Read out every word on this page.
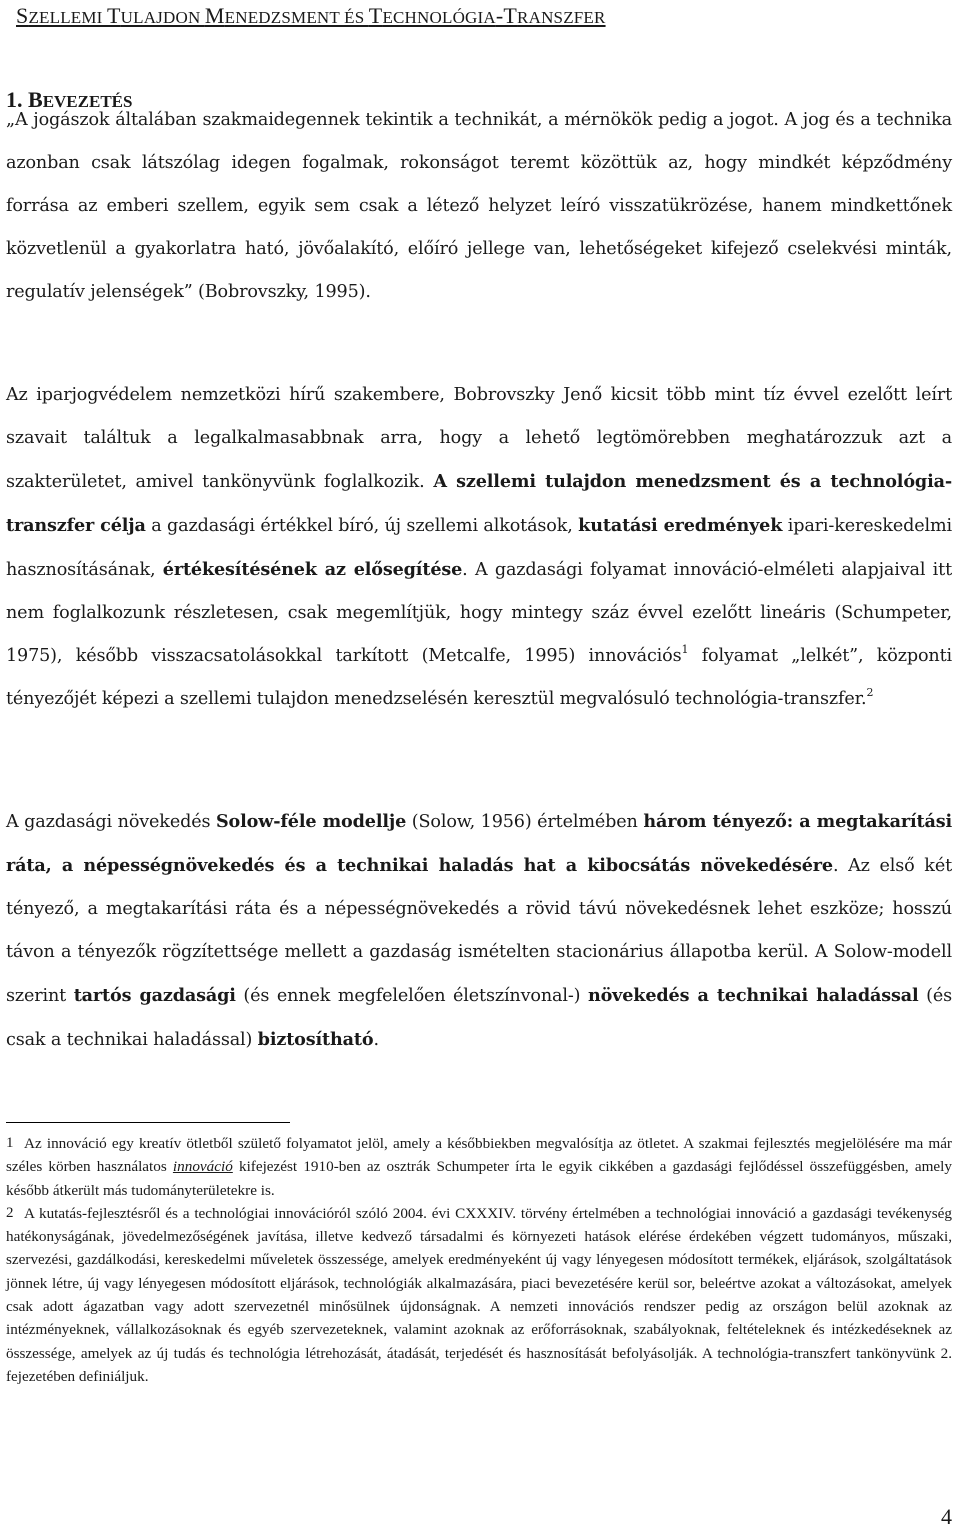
SZELLEMI TULAJDON MENEDZSMENT ÉS TECHNOLÓGIA-TRANSZFER
1. BEVEZETÉS

„A jogászok általában szakmaidegennek tekintik a technikát, a mérnökök pedig a jogot. A jog és a technika azonban csak látszólag idegen fogalmak, rokonságot teremt közöttük az, hogy mindkét képződmény forrása az emberi szellem, egyik sem csak a létező helyzet leíró visszatükrözése, hanem mindkettőnek közvetlenül a gyakorlatra ható, jövőalakító, előíró jellege van, lehetőségeket kifejező cselekvési minták, regulatív jelenségek” (Bobrovszky, 1995).

Az iparjogvédelem nemzetközi hírű szakembere, Bobrovszky Jenő kicsit több mint tíz évvel ezelőtt leírt szavait találtuk a legalkalmasabbnak arra, hogy a lehető legtömörebben meghatározzuk azt a szakterületet, amivel tankönyvünk foglalkozik. A szellemi tulajdon menedzsment és a technológia-transzfer célja a gazdasági értékkel bíró, új szellemi alkotások, kutatási eredmények ipari-kereskedelmi hasznosításának, értékesítésének az elősegítése. A gazdasági folyamat innováció-elméleti alapjaival itt nem foglalkozunk részletesen, csak megemlítjük, hogy mintegy száz évvel ezelőtt lineáris (Schumpeter, 1975), később visszacsatolásokkal tarkított (Metcalfe, 1995) innovációs$^1$ folyamat „lelkét”, központi tényezőjét képezi a szellemi tulajdon menedzselésén keresztül megvalósuló technológia-transzfer.$^2$

A gazdasági növekedés Solow-féle modellje (Solow, 1956) értelmében három tényező: a megtakarítási ráta, a népességnövekedés és a technikai haladás hat a kibocsátás növekedésére. Az első két tényező, a megtakarítási ráta és a népességnövekedés a rövid távú növekedésnek lehet eszköze; hosszú távon a tényezők rögzítettsége mellett a gazdaság ismételten stacionárius állapotba kerül. A Solow-modell szerint tartós gazdasági (és ennek megfelelően életszínvonal-) növekedés a technikai haladással (és csak a technikai haladással) biztosítható.

1 Az innováció egy kreatív ötletből születő folyamatot jelöl, amely a későbbiekben megvalósítja az ötletet. A szakmai fejlesztés megjelölésére ma már széles körben használatos innováció kifejezést 1910-ben az osztrák Schumpeter írta le egyik cikkében a gazdasági fejlődéssel összefüggésben, amely később átkerült más tudományterületekre is.

2 A kutatás-fejlesztésről és a technológiai innovációról szóló 2004. évi CXXXIV. törvény értelmében a technológiai innováció a gazdasági tevékenység hatékonyságának, jövedelmezőségének javítása, illetve kedvező társadalmi és környezeti hatások elérése érdekében végzett tudományos, műszaki, szervezési, gazdálkodási, kereskedelmi műveletek összessége, amelyek eredményeként új vagy lényegesen módosított termékek, eljárások, szolgáltatások jönnek létre, új vagy lényegesen módosított eljárások, technológiák alkalmazására, piaci bevezetésére kerül sor, beleértve azokat a változásokat, amelyek csak adott ágazatban vagy adott szervezetnél minősülnek újdonságnak. A nemzeti innovációs rendszer pedig az országon belül azoknak az intézményeknek, vállalkozásoknak és egyéb szervezeteknek, valamint azoknak az erőforrásoknak, szabályoknak, feltételeknek és intézkedéseknek az összessége, amelyek az új tudás és technológia létrehozását, átadását, terjedését és hasznosítását befolyásolják. A technológia-transzfert tankönyvünk 2. fejezetében definiáljuk.

4
